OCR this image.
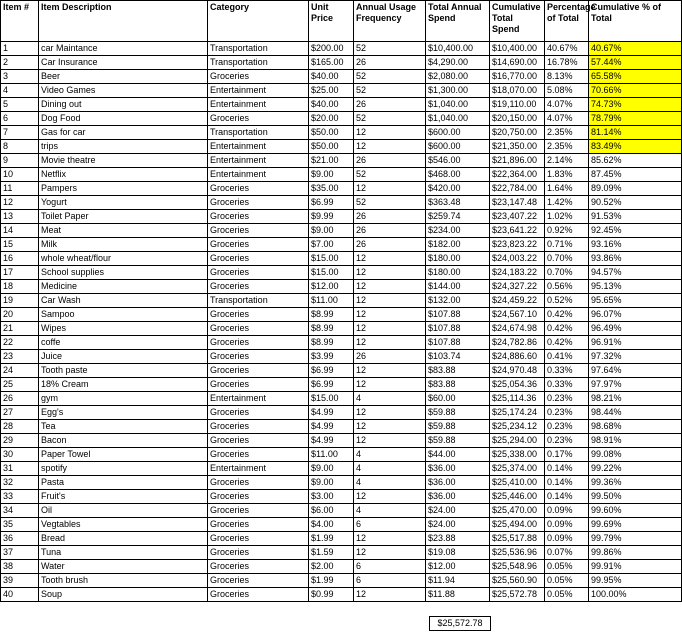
Item #	Item Description	Category	Unit Price	Annual Usage Frequency	Total Annual Spend	Cumulative Total Spend	Percentage of Total	Cumulative % of Total
1	car Maintance	Transportation	$200.00	52	$10,400.00	$10,400.00	40.67%	40.67%
2	Car Insurance	Transportation	$165.00	26	$4,290.00	$14,690.00	16.78%	57.44%
3	Beer	Groceries	$40.00	52	$2,080.00	$16,770.00	8.13%	65.58%
4	Video Games	Entertainment	$25.00	52	$1,300.00	$18,070.00	5.08%	70.66%
5	Dining out	Entertainment	$40.00	26	$1,040.00	$19,110.00	4.07%	74.73%
6	Dog Food	Groceries	$20.00	52	$1,040.00	$20,150.00	4.07%	78.79%
7	Gas for car	Transportation	$50.00	12	$600.00	$20,750.00	2.35%	81.14%
8	trips	Entertainment	$50.00	12	$600.00	$21,350.00	2.35%	83.49%
9	Movie theatre	Entertainment	$21.00	26	$546.00	$21,896.00	2.14%	85.62%
10	Netflix	Entertainment	$9.00	52	$468.00	$22,364.00	1.83%	87.45%
11	Pampers	Groceries	$35.00	12	$420.00	$22,784.00	1.64%	89.09%
12	Yogurt	Groceries	$6.99	52	$363.48	$23,147.48	1.42%	90.52%
13	Toilet Paper	Groceries	$9.99	26	$259.74	$23,407.22	1.02%	91.53%
14	Meat	Groceries	$9.00	26	$234.00	$23,641.22	0.92%	92.45%
15	Milk	Groceries	$7.00	26	$182.00	$23,823.22	0.71%	93.16%
16	whole wheat/flour	Groceries	$15.00	12	$180.00	$24,003.22	0.70%	93.86%
17	School supplies	Groceries	$15.00	12	$180.00	$24,183.22	0.70%	94.57%
18	Medicine	Groceries	$12.00	12	$144.00	$24,327.22	0.56%	95.13%
19	Car Wash	Transportation	$11.00	12	$132.00	$24,459.22	0.52%	95.65%
20	Sampoo	Groceries	$8.99	12	$107.88	$24,567.10	0.42%	96.07%
21	Wipes	Groceries	$8.99	12	$107.88	$24,674.98	0.42%	96.49%
22	coffe	Groceries	$8.99	12	$107.88	$24,782.86	0.42%	96.91%
23	Juice	Groceries	$3.99	26	$103.74	$24,886.60	0.41%	97.32%
24	Tooth paste	Groceries	$6.99	12	$83.88	$24,970.48	0.33%	97.64%
25	18% Cream	Groceries	$6.99	12	$83.88	$25,054.36	0.33%	97.97%
26	gym	Entertainment	$15.00	4	$60.00	$25,114.36	0.23%	98.21%
27	Egg's	Groceries	$4.99	12	$59.88	$25,174.24	0.23%	98.44%
28	Tea	Groceries	$4.99	12	$59.88	$25,234.12	0.23%	98.68%
29	Bacon	Groceries	$4.99	12	$59.88	$25,294.00	0.23%	98.91%
30	Paper Towel	Groceries	$11.00	4	$44.00	$25,338.00	0.17%	99.08%
31	spotify	Entertainment	$9.00	4	$36.00	$25,374.00	0.14%	99.22%
32	Pasta	Groceries	$9.00	4	$36.00	$25,410.00	0.14%	99.36%
33	Fruit's	Groceries	$3.00	12	$36.00	$25,446.00	0.14%	99.50%
34	Oil	Groceries	$6.00	4	$24.00	$25,470.00	0.09%	99.60%
35	Vegtables	Groceries	$4.00	6	$24.00	$25,494.00	0.09%	99.69%
36	Bread	Groceries	$1.99	12	$23.88	$25,517.88	0.09%	99.79%
37	Tuna	Groceries	$1.59	12	$19.08	$25,536.96	0.07%	99.86%
38	Water	Groceries	$2.00	6	$12.00	$25,548.96	0.05%	99.91%
39	Tooth brush	Groceries	$1.99	6	$11.94	$25,560.90	0.05%	99.95%
40	Soup	Groceries	$0.99	12	$11.88	$25,572.78	0.05%	100.00%
$25,572.78
